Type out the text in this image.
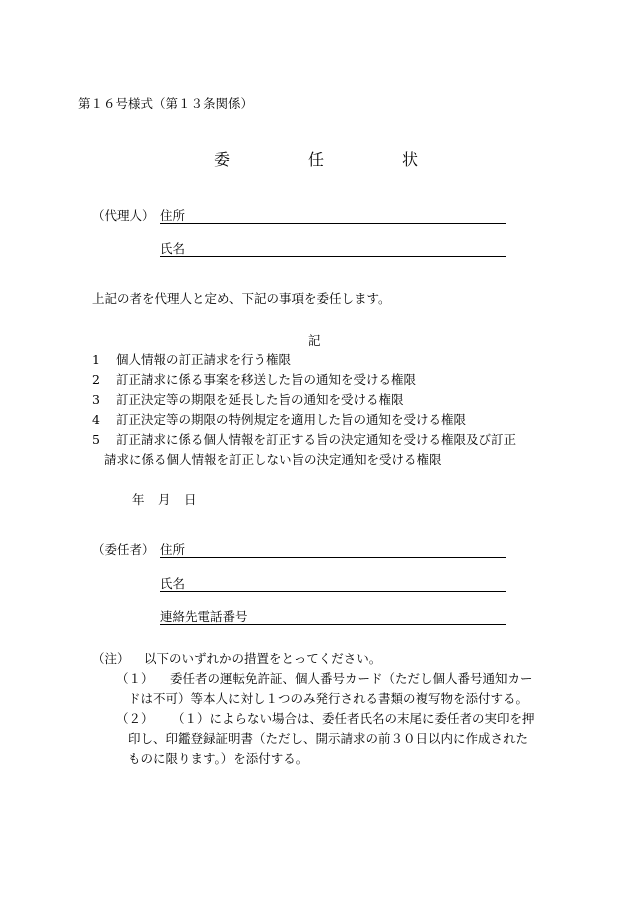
第１６号様式（第１３条関係）
委	任	状
（代理人） 住所
氏名
上記の者を代理人と定め、下記の事項を委任します。
記
1 個人情報の訂正請求を行う権限
2 訂正請求に係る事案を移送した旨の通知を受ける権限
3 訂正決定等の期限を延長した旨の通知を受ける権限
4 訂正決定等の期限の特例規定を適用した旨の通知を受ける権限
5 訂正請求に係る個人情報を訂正する旨の決定通知を受ける権限及び訂正
請求に係る個人情報を訂正しない旨の決定通知を受ける権限
年 月 日
（委任者） 住所
氏名
連絡先電話番号
（注） 以下のいずれかの措置をとってください。
（１） 委任者の運転免許証、個人番号カード（ただし個人番号通知カー
ドは不可）等本人に対し１つのみ発行される書類の複写物を添付する。
（２） （１）によらない場合は、委任者氏名の末尾に委任者の実印を押
印し、印鑑登録証明書（ただし、開示請求の前３０日以内に作成された
ものに限ります。）を添付する。
